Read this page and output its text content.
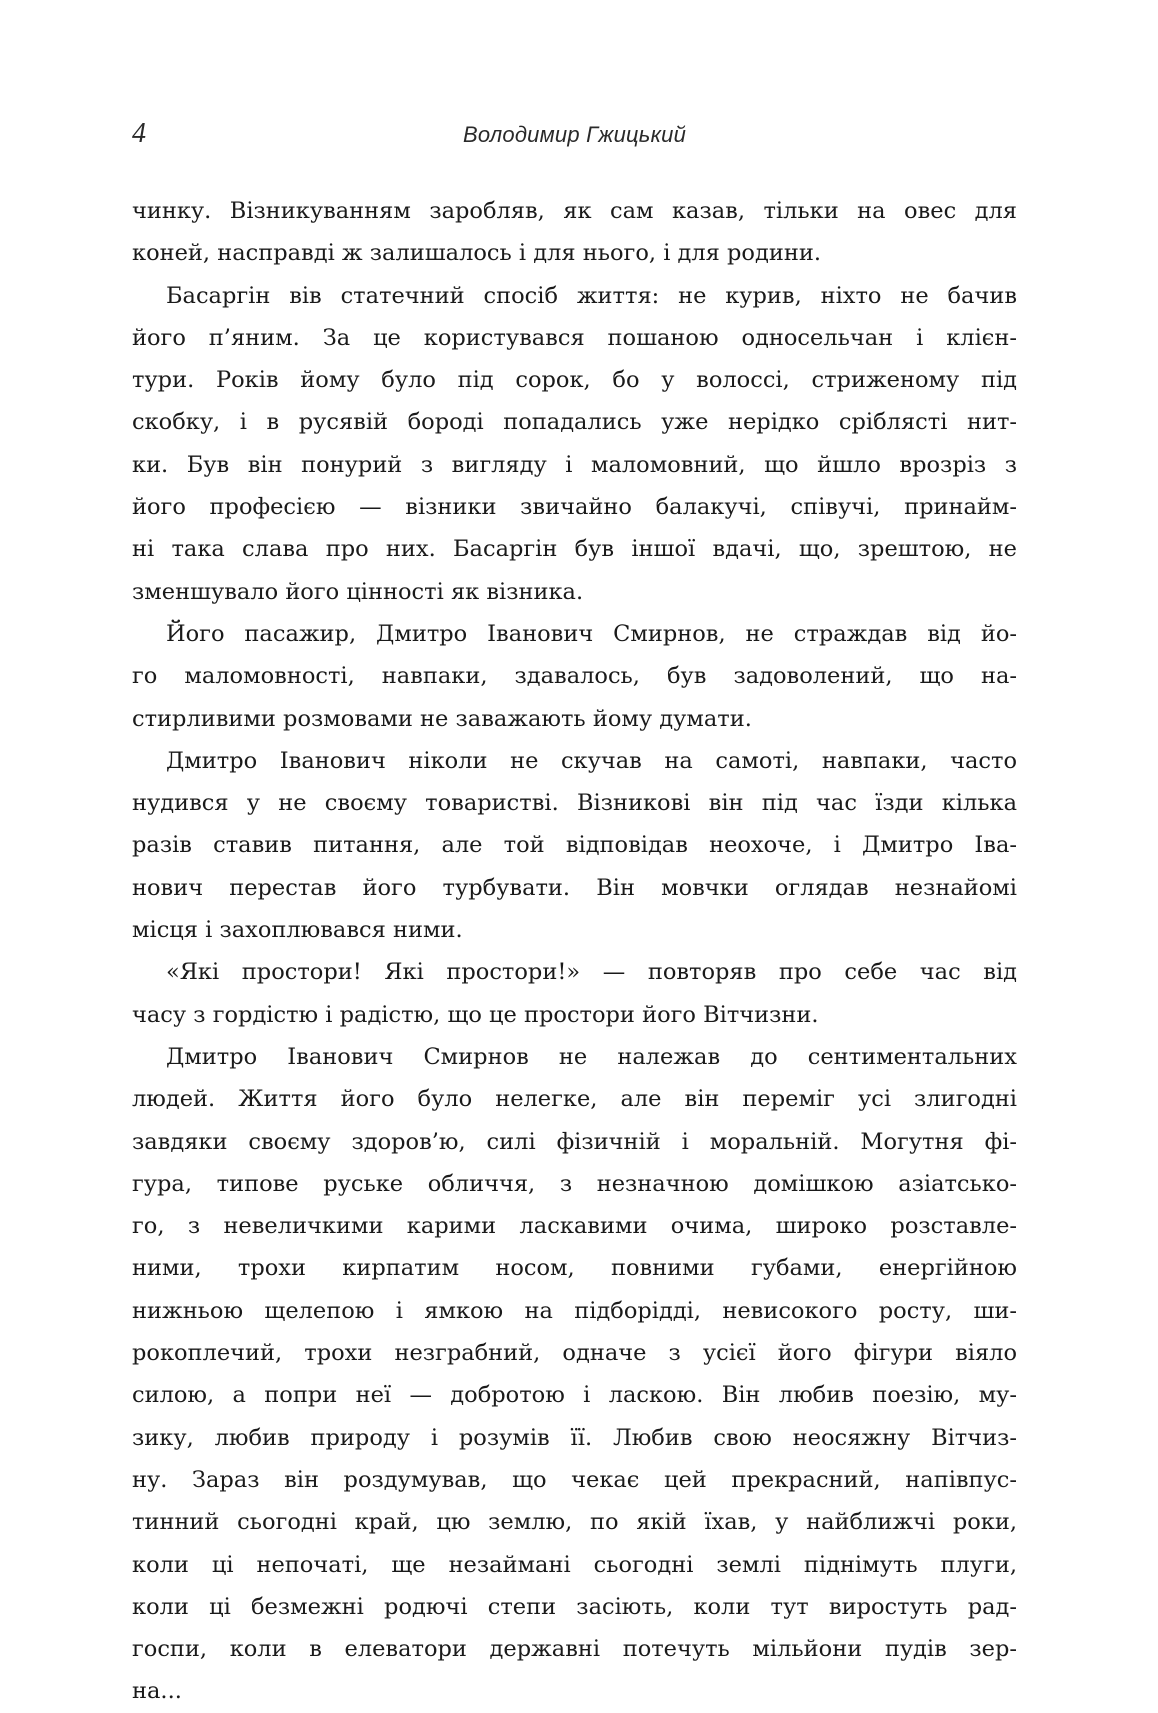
4	Володимир Гжицький
чинку. Візникуванням заробляв, як сам казав, тільки на овес для
коней, насправді ж залишалось і для нього, і для родини.
Басаргін вів статечний спосіб життя: не курив, ніхто не бачив
його п’яним. За це користувався пошаною односельчан і клієн-
тури. Років йому було під сорок, бо у волоссі, стриженому під
скобку, і в русявій бороді попадались уже нерідко сріблясті нит-
ки. Був він понурий з вигляду і маломовний, що йшло врозріз з
його професією — візники звичайно балакучі, співучі, принайм-
ні така слава про них. Басаргін був іншої вдачі, що, зрештою, не
зменшувало його цінності як візника.
Його пасажир, Дмитро Іванович Смирнов, не страждав від йо-
го маломовності, навпаки, здавалось, був задоволений, що на-
стирливими розмовами не заважають йому думати.
Дмитро Іванович ніколи не скучав на самоті, навпаки, часто
нудився у не своєму товаристві. Візникові він під час їзди кілька
разів ставив питання, але той відповідав неохоче, і Дмитро Іва-
нович перестав його турбувати. Він мовчки оглядав незнайомі
місця і захоплювався ними.
«Які простори! Які простори!» — повторяв про себе час від
часу з гордістю і радістю, що це простори його Вітчизни.
Дмитро Іванович Смирнов не належав до сентиментальних
людей. Життя його було нелегке, але він переміг усі злигодні
завдяки своєму здоров’ю, силі фізичній і моральній. Могутня фі-
гура, типове руське обличчя, з незначною домішкою азіатсько-
го, з невеличкими карими ласкавими очима, широко розставле-
ними, трохи кирпатим носом, повними губами, енергійною
нижньою щелепою і ямкою на підборідді, невисокого росту, ши-
рокоплечий, трохи незграбний, одначе з усієї його фігури віяло
силою, а попри неї — добротою і ласкою. Він любив поезію, му-
зику, любив природу і розумів її. Любив свою неосяжну Вітчиз-
ну. Зараз він роздумував, що чекає цей прекрасний, напівпус-
тинний сьогодні край, цю землю, по якій їхав, у найближчі роки,
коли ці непочаті, ще незаймані сьогодні землі піднімуть плуги,
коли ці безмежні родючі степи засіють, коли тут виростуть рад-
госпи, коли в елеватори державні потечуть мільйони пудів зер-
на...
